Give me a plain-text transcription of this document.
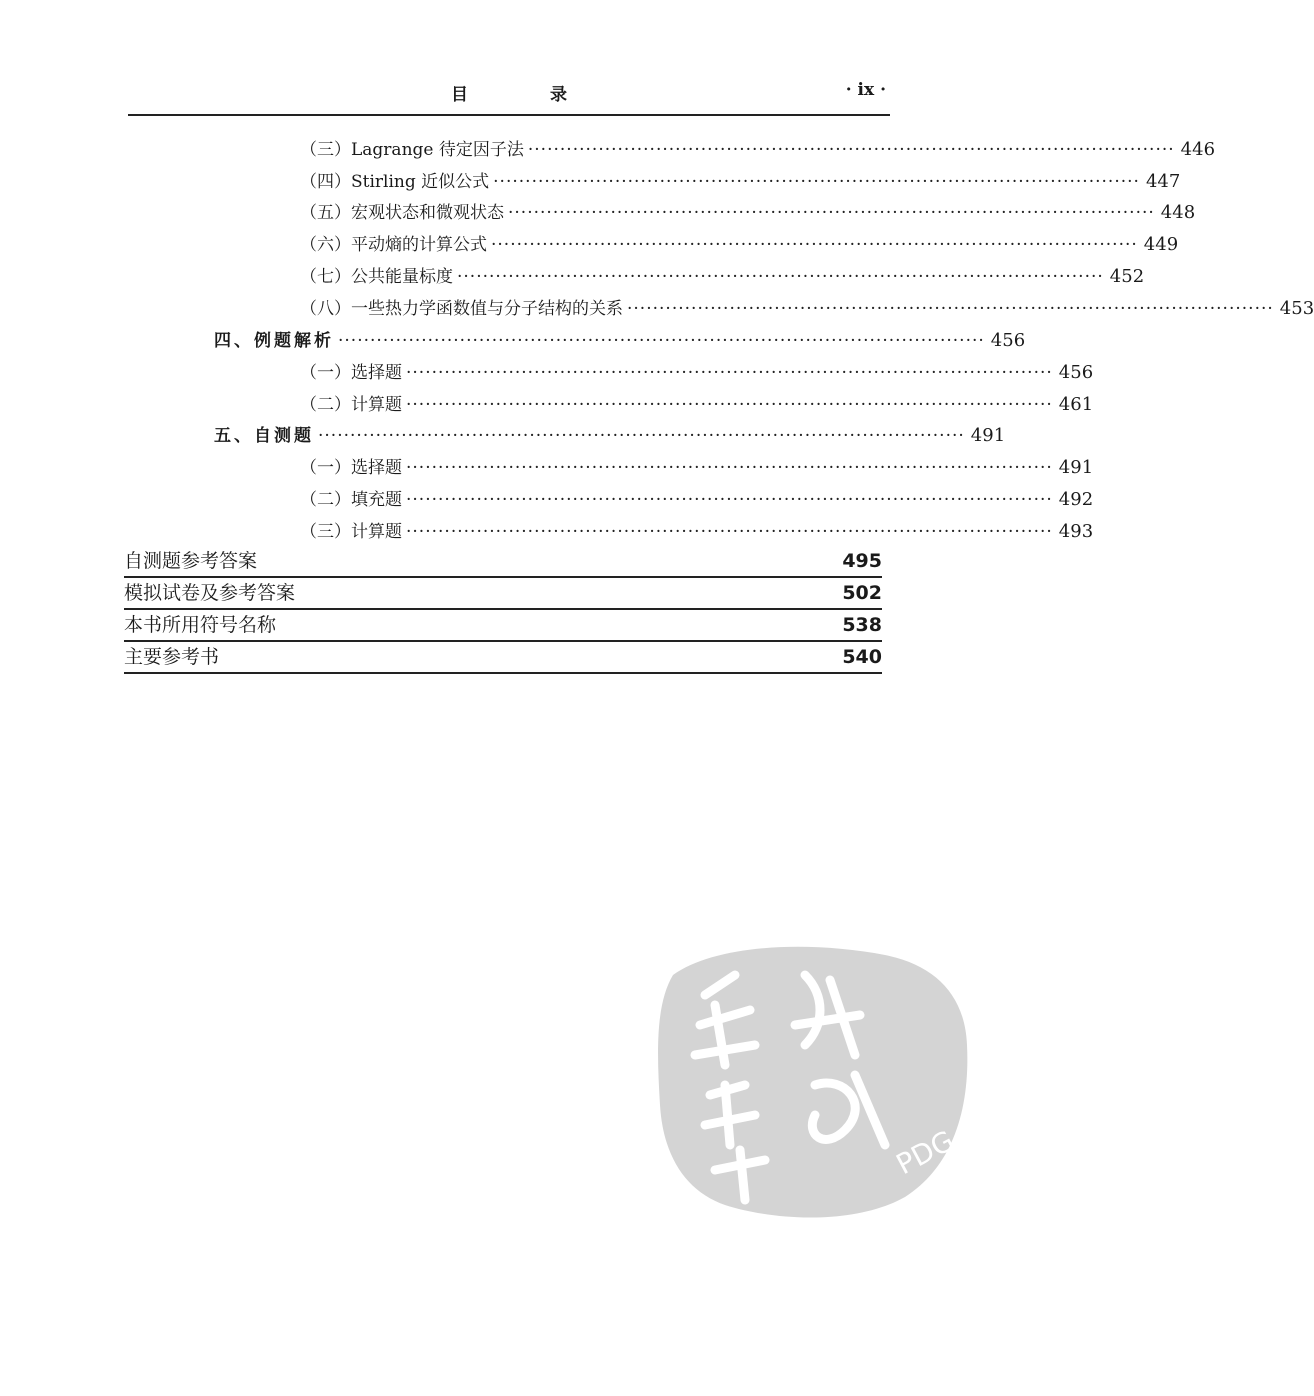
目 录	· ix ·
（三）Lagrange 待定因子法 ····································································································· 446
（四）Stirling 近似公式 ····································································································· 447
（五）宏观状态和微观状态 ····································································································· 448
（六）平动熵的计算公式 ····································································································· 449
（七）公共能量标度 ····································································································· 452
（八）一些热力学函数值与分子结构的关系 ····································································································· 453
四、例题解析 ····································································································· 456
（一）选择题 ····································································································· 456
（二）计算题 ····································································································· 461
五、自测题 ····································································································· 491
（一）选择题 ····································································································· 491
（二）填充题 ····································································································· 492
（三）计算题 ····································································································· 493
自测题参考答案	495
模拟试卷及参考答案	502
本书所用符号名称	538
主要参考书	540
PDG
